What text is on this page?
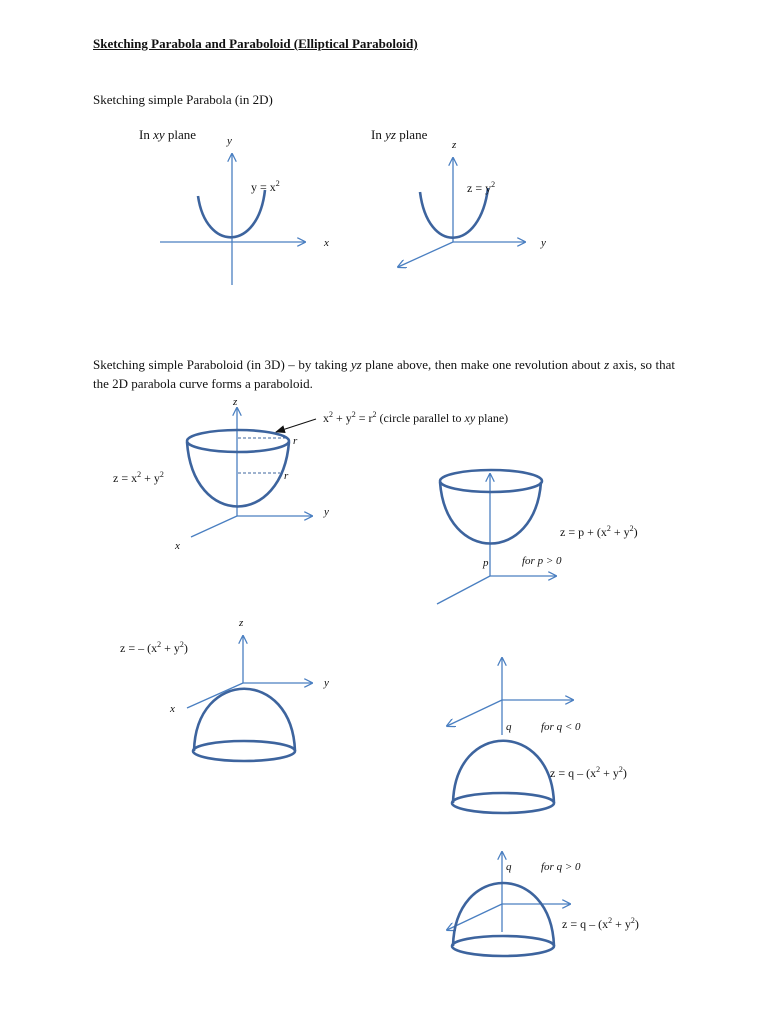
Sketching Parabola and Paraboloid (Elliptical Paraboloid)
Sketching simple Parabola (in 2D)
In xy plane	In yz plane
Sketching simple Paraboloid (in 3D) – by taking yz plane above, then make one revolution about z axis, so that the 2D parabola curve forms a paraboloid.
y
x
$y = x^2$
z
y
$z = y^2$
z
y
x
r
r
$x^2 + y^2 = r^2$ (circle parallel to xy plane)
$z = x^2 + y^2$
p	for p > 0
$z = p + (x^2 + y^2)$
z
y
x
z = – $(x^2 + y^2)$
q	for q < 0
$z = q - (x^2 + y^2)$
q	for q > 0
$z = q - (x^2 + y^2)$
